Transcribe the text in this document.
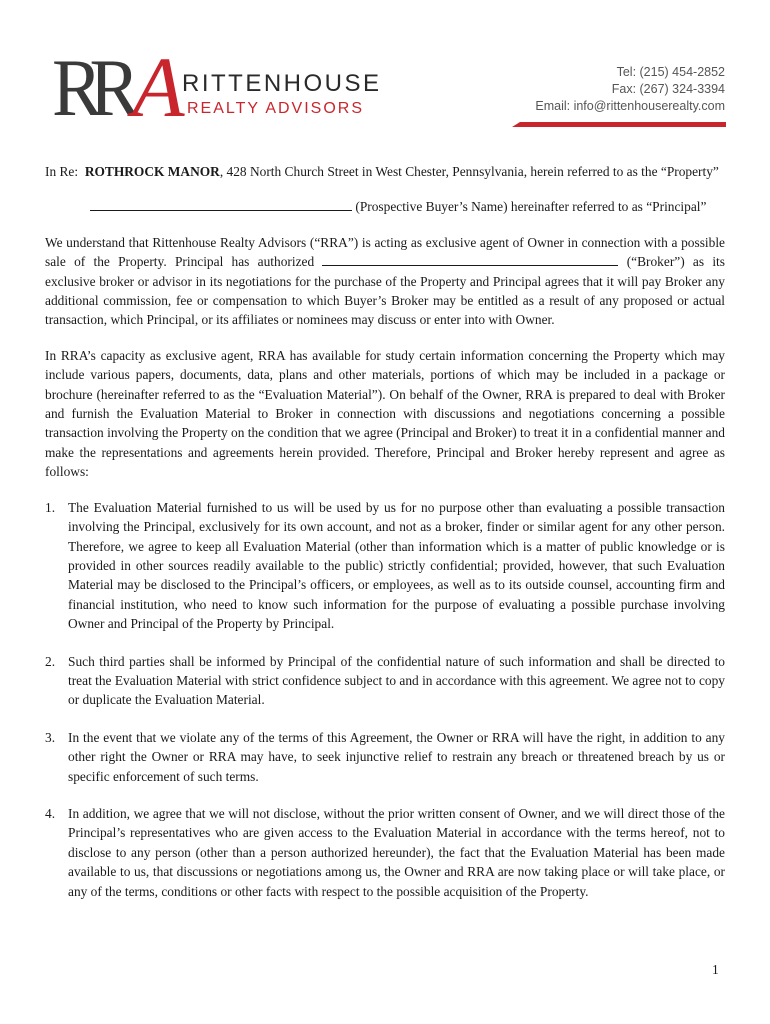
RR A
RITTENHOUSE
REALTY ADVISORS
Tel: (215) 454-2852
Fax: (267) 324-3394
Email: info@rittenhouserealty.com

In Re: ROTHROCK MANOR, 428 North Church Street in West Chester, Pennsylvania, herein referred to as the “Property”

(Prospective Buyer’s Name) hereinafter referred to as “Principal”

We understand that Rittenhouse Realty Advisors (“RRA”) is acting as exclusive agent of Owner in connection with a possible sale of the Property. Principal has authorized	(“Broker”) as its exclusive broker or advisor in its negotiations for the purchase of the Property and Principal agrees that it will pay Broker any additional commission, fee or compensation to which Buyer’s Broker may be entitled as a result of any proposed or actual transaction, which Principal, or its affiliates or nominees may discuss or enter into with Owner.

In RRA’s capacity as exclusive agent, RRA has available for study certain information concerning the Property which may include various papers, documents, data, plans and other materials, portions of which may be included in a package or brochure (hereinafter referred to as the “Evaluation Material”). On behalf of the Owner, RRA is prepared to deal with Broker and furnish the Evaluation Material to Broker in connection with discussions and negotiations concerning a possible transaction involving the Property on the condition that we agree (Principal and Broker) to treat it in a confidential manner and make the representations and agreements herein provided. Therefore, Principal and Broker hereby represent and agree as follows:

1. The Evaluation Material furnished to us will be used by us for no purpose other than evaluating a possible transaction involving the Principal, exclusively for its own account, and not as a broker, finder or similar agent for any other person. Therefore, we agree to keep all Evaluation Material (other than information which is a matter of public knowledge or is provided in other sources readily available to the public) strictly confidential; provided, however, that such Evaluation Material may be disclosed to the Principal’s officers, or employees, as well as to its outside counsel, accounting firm and financial institution, who need to know such information for the purpose of evaluating a possible purchase involving Owner and Principal of the Property by Principal.
2. Such third parties shall be informed by Principal of the confidential nature of such information and shall be directed to treat the Evaluation Material with strict confidence subject to and in accordance with this agreement. We agree not to copy or duplicate the Evaluation Material.
3. In the event that we violate any of the terms of this Agreement, the Owner or RRA will have the right, in addition to any other right the Owner or RRA may have, to seek injunctive relief to restrain any breach or threatened breach by us or specific enforcement of such terms.
4. In addition, we agree that we will not disclose, without the prior written consent of Owner, and we will direct those of the Principal’s representatives who are given access to the Evaluation Material in accordance with the terms hereof, not to disclose to any person (other than a person authorized hereunder), the fact that the Evaluation Material has been made available to us, that discussions or negotiations among us, the Owner and RRA are now taking place or will take place, or any of the terms, conditions or other facts with respect to the possible acquisition of the Property.
1
